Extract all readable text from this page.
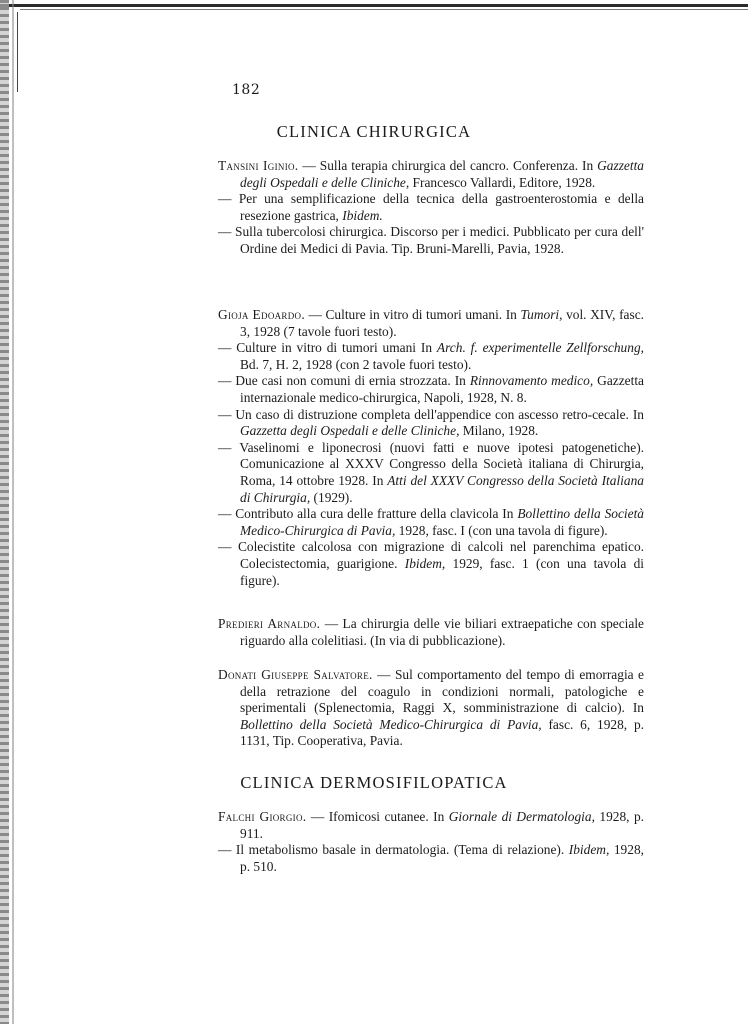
182
CLINICA CHIRURGICA

Tansini Iginio. — Sulla terapia chirurgica del cancro. Conferenza. In Gazzetta degli Ospedali e delle Cliniche, Francesco Vallardi, Editore, 1928.

— Per una semplificazione della tecnica della gastroenterostomia e della resezione gastrica, Ibidem.

— Sulla tubercolosi chirurgica. Discorso per i medici. Pubblicato per cura dell' Ordine dei Medici di Pavia. Tip. Bruni-Marelli, Pavia, 1928.

Gioja Edoardo. — Culture in vitro di tumori umani. In Tumori, vol. XIV, fasc. 3, 1928 (7 tavole fuori testo).

— Culture in vitro di tumori umani In Arch. f. experimentelle Zellforschung, Bd. 7, H. 2, 1928 (con 2 tavole fuori testo).

— Due casi non comuni di ernia strozzata. In Rinnovamento medico, Gazzetta internazionale medico-chirurgica, Napoli, 1928, N. 8.

— Un caso di distruzione completa dell'appendice con ascesso retro-cecale. In Gazzetta degli Ospedali e delle Cliniche, Milano, 1928.

— Vaselinomi e liponecrosi (nuovi fatti e nuove ipotesi patogenetiche). Comunicazione al XXXV Congresso della Società italiana di Chirurgia, Roma, 14 ottobre 1928. In Atti del XXXV Congresso della Società Italiana di Chirurgia, (1929).

— Contributo alla cura delle fratture della clavicola In Bollettino della Società Medico-Chirurgica di Pavia, 1928, fasc. I (con una tavola di figure).

— Colecistite calcolosa con migrazione di calcoli nel parenchima epatico. Colecistectomia, guarigione. Ibidem, 1929, fasc. 1 (con una tavola di figure).

Predieri Arnaldo. — La chirurgia delle vie biliari extraepatiche con speciale riguardo alla colelitiasi. (In via di pubblicazione).

Donati Giuseppe Salvatore. — Sul comportamento del tempo di emorragia e della retrazione del coagulo in condizioni normali, patologiche e sperimentali (Splenectomia, Raggi X, somministrazione di calcio). In Bollettino della Società Medico-Chirurgica di Pavia, fasc. 6, 1928, p. 1131, Tip. Cooperativa, Pavia.

CLINICA DERMOSIFILOPATICA

Falchi Giorgio. — Ifomicosi cutanee. In Giornale di Dermatologia, 1928, p. 911.

— Il metabolismo basale in dermatologia. (Tema di relazione). Ibidem, 1928, p. 510.
